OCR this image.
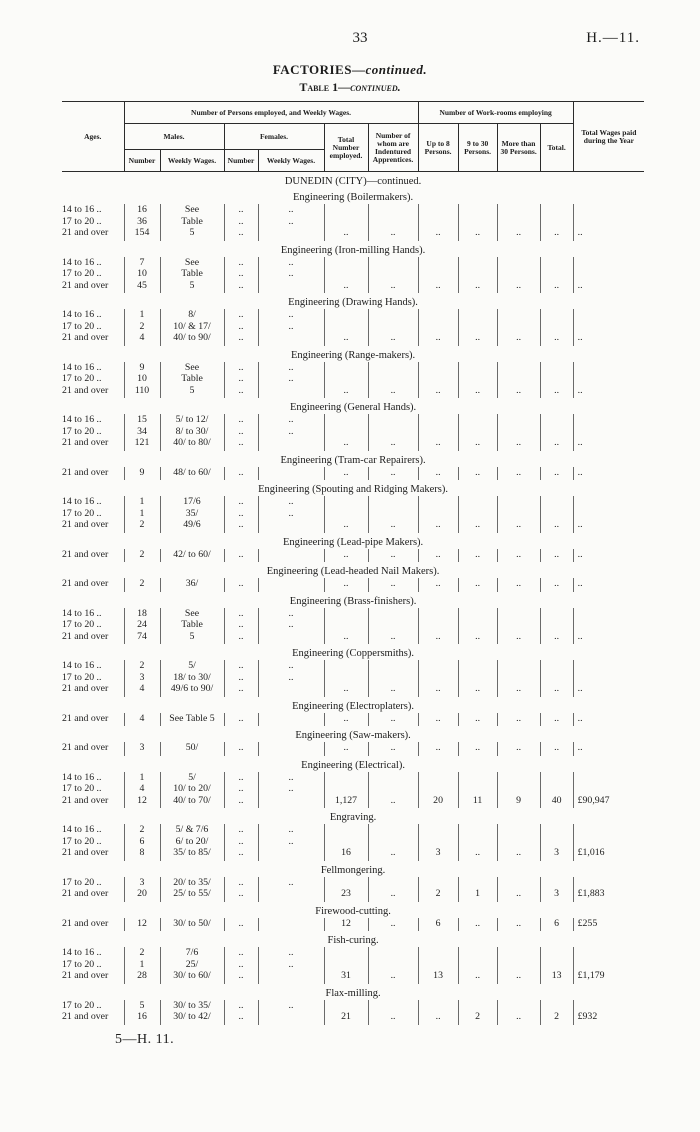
33	H.—11.
FACTORIES—continued.
Table 1—continued.
Ages.	Number of Persons employed, and Weekly Wages.						Number of Work-rooms employing				Total Wages paid during the Year
	Males.		Females.		Total Number employed.	Number of whom are Indentured Apprentices.	Up to 8 Persons.	9 to 30 Persons.	More than 30 Persons.	Total.	
	Number	Weekly Wages.	Number	Weekly Wages.							
DUNEDIN (CITY)—continued.											
Engineering (Boilermakers).											
14 to 16 ..	16	See	..	..							
17 to 20 ..	36	Table	..	..							
21 and over	154	5	..		..	..	..	..	..	..	..
Engineering (Iron-milling Hands).											
14 to 16 ..	7	See	..	..							
17 to 20 ..	10	Table	..	..							
21 and over	45	5	..		..	..	..	..	..	..	..
Engineering (Drawing Hands).											
14 to 16 ..	1	8/	..	..							
17 to 20 ..	2	10/ & 17/	..	..							
21 and over	4	40/ to 90/	..		..	..	..	..	..	..	..
Engineering (Range-makers).											
14 to 16 ..	9	See	..	..							
17 to 20 ..	10	Table	..	..							
21 and over	110	5	..		..	..	..	..	..	..	..
Engineering (General Hands).											
14 to 16 ..	15	5/ to 12/	..	..							
17 to 20 ..	34	8/ to 30/	..	..							
21 and over	121	40/ to 80/	..		..	..	..	..	..	..	..
Engineering (Tram-car Repairers).											
21 and over	9	48/ to 60/	..		..	..	..	..	..	..	..
Engineering (Spouting and Ridging Makers).											
14 to 16 ..	1	17/6	..	..							
17 to 20 ..	1	35/	..	..							
21 and over	2	49/6	..		..	..	..	..	..	..	..
Engineering (Lead-pipe Makers).											
21 and over	2	42/ to 60/	..		..	..	..	..	..	..	..
Engineering (Lead-headed Nail Makers).											
21 and over	2	36/	..		..	..	..	..	..	..	..
Engineering (Brass-finishers).											
14 to 16 ..	18	See	..	..							
17 to 20 ..	24	Table	..	..							
21 and over	74	5	..		..	..	..	..	..	..	..
Engineering (Coppersmiths).											
14 to 16 ..	2	5/	..	..							
17 to 20 ..	3	18/ to 30/	..	..							
21 and over	4	49/6 to 90/	..		..	..	..	..	..	..	..
Engineering (Electroplaters).											
21 and over	4	See Table 5	..		..	..	..	..	..	..	..
Engineering (Saw-makers).											
21 and over	3	50/	..		..	..	..	..	..	..	..
Engineering (Electrical).											
14 to 16 ..	1	5/	..	..							
17 to 20 ..	4	10/ to 20/	..	..							
21 and over	12	40/ to 70/	..		1,127	..	20	11	9	40	£90,947
Engraving.											
14 to 16 ..	2	5/ & 7/6	..	..							
17 to 20 ..	6	6/ to 20/	..	..							
21 and over	8	35/ to 85/	..		16	..	3	..	..	3	£1,016
Fellmongering.											
17 to 20 ..	3	20/ to 35/	..	..							
21 and over	20	25/ to 55/	..		23	..	2	1	..	3	£1,883
Firewood-cutting.											
21 and over	12	30/ to 50/	..		12	..	6	..	..	6	£255
Fish-curing.											
14 to 16 ..	2	7/6	..	..							
17 to 20 ..	1	25/	..	..							
21 and over	28	30/ to 60/	..		31	..	13	..	..	13	£1,179
Flax-milling.											
17 to 20 ..	5	30/ to 35/	..	..							
21 and over	16	30/ to 42/	..		21	..	..	2	..	2	£932
5—H. 11.
